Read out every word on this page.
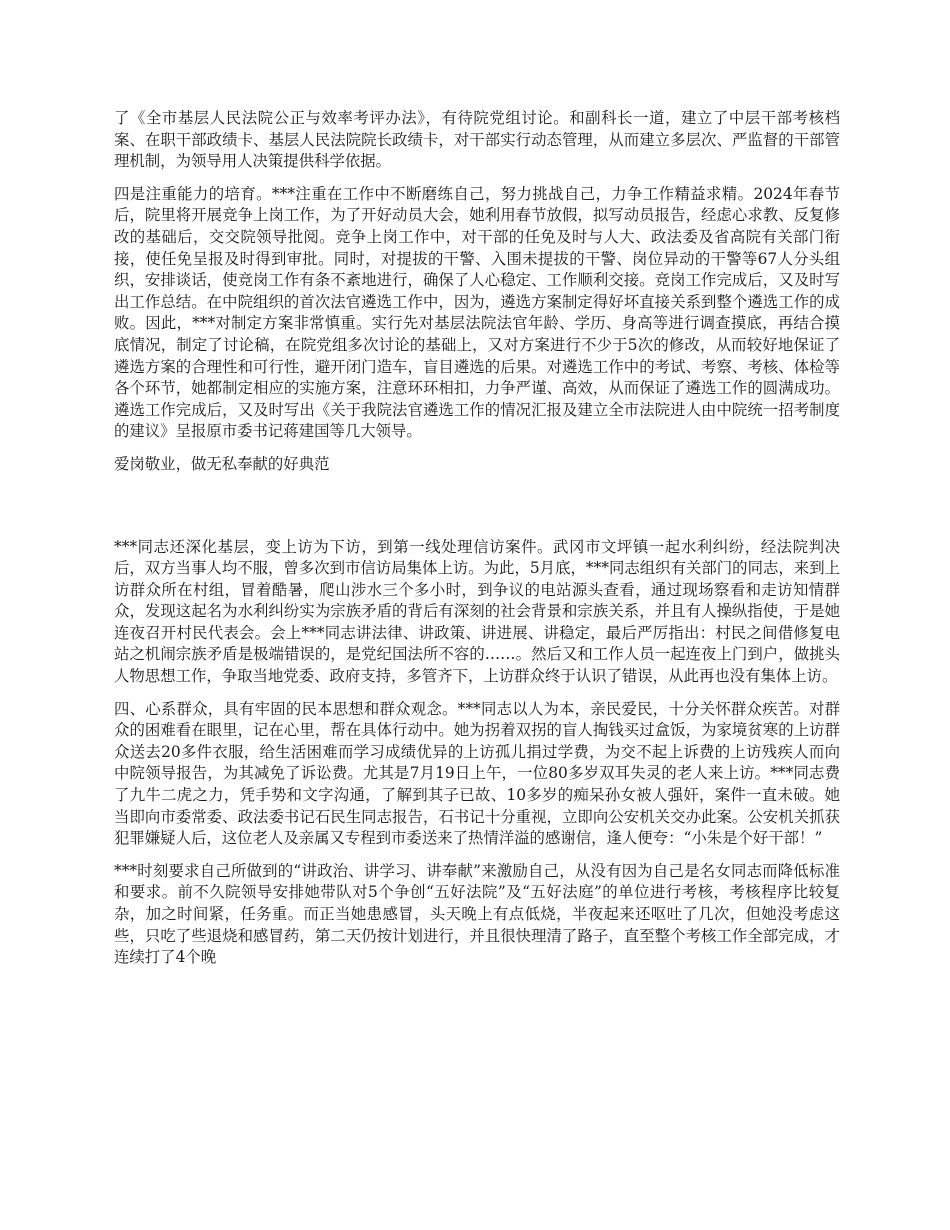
了《全市基层人民法院公正与效率考评办法》，有待院党组讨论。和副科长一道，建立了中层干部考核档案、在职干部政绩卡、基层人民法院院长政绩卡，对干部实行动态管理，从而建立多层次、严监督的干部管理机制，为领导用人决策提供科学依据。

四是注重能力的培育。***注重在工作中不断磨练自己，努力挑战自己，力争工作精益求精。2024年春节后，院里将开展竞争上岗工作，为了开好动员大会，她利用春节放假，拟写动员报告，经虑心求教、反复修改的基础后，交交院领导批阅。竞争上岗工作中，对干部的任免及时与人大、政法委及省高院有关部门衔接，使任免呈报及时得到审批。同时，对提拔的干警、入围未提拔的干警、岗位异动的干警等67人分头组织，安排谈话，使竞岗工作有条不紊地进行，确保了人心稳定、工作顺利交接。竞岗工作完成后，又及时写出工作总结。在中院组织的首次法官遴选工作中，因为，遴选方案制定得好坏直接关系到整个遴选工作的成败。因此，***对制定方案非常慎重。实行先对基层法院法官年龄、学历、身高等进行调查摸底，再结合摸底情况，制定了讨论稿，在院党组多次讨论的基础上，又对方案进行不少于5次的修改，从而较好地保证了遴选方案的合理性和可行性，避开闭门造车，盲目遴选的后果。对遴选工作中的考试、考察、考核、体检等各个环节，她都制定相应的实施方案，注意环环相扣，力争严谨、高效，从而保证了遴选工作的圆满成功。遴选工作完成后，又及时写出《关于我院法官遴选工作的情况汇报及建立全市法院进人由中院统一招考制度的建议》呈报原市委书记蒋建国等几大领导。

爱岗敬业，做无私奉献的好典范

***同志还深化基层，变上访为下访，到第一线处理信访案件。武冈市文坪镇一起水利纠纷，经法院判决后，双方当事人均不服，曾多次到市信访局集体上访。为此，5月底，***同志组织有关部门的同志，来到上访群众所在村组，冒着酷暑，爬山涉水三个多小时，到争议的电站源头查看，通过现场察看和走访知情群众，发现这起名为水利纠纷实为宗族矛盾的背后有深刻的社会背景和宗族关系，并且有人操纵指使，于是她连夜召开村民代表会。会上***同志讲法律、讲政策、讲进展、讲稳定，最后严厉指出：村民之间借修复电站之机闹宗族矛盾是极端错误的，是党纪国法所不容的……。然后又和工作人员一起连夜上门到户，做挑头人物思想工作，争取当地党委、政府支持，多管齐下，上访群众终于认识了错误，从此再也没有集体上访。

四、心系群众，具有牢固的民本思想和群众观念。***同志以人为本，亲民爱民，十分关怀群众疾苦。对群众的困难看在眼里，记在心里，帮在具体行动中。她为拐着双拐的盲人掏钱买过盒饭，为家境贫寒的上访群众送去20多件衣服，给生活困难而学习成绩优异的上访孤儿捐过学费，为交不起上诉费的上访残疾人而向中院领导报告，为其减免了诉讼费。尤其是7月19日上午，一位80多岁双耳失灵的老人来上访。***同志费了九牛二虎之力，凭手势和文字沟通，了解到其子已故、10多岁的痴呆孙女被人强奸，案件一直未破。她当即向市委常委、政法委书记石民生同志报告，石书记十分重视，立即向公安机关交办此案。公安机关抓获犯罪嫌疑人后，这位老人及亲属又专程到市委送来了热情洋溢的感谢信，逢人便夸：“小朱是个好干部！”

***时刻要求自己所做到的“讲政治、讲学习、讲奉献”来激励自己，从没有因为自己是名女同志而降低标准和要求。前不久院领导安排她带队对5个争创“五好法院”及“五好法庭”的单位进行考核，考核程序比较复杂，加之时间紧，任务重。而正当她患感冒，头天晚上有点低烧，半夜起来还呕吐了几次，但她没考虑这些，只吃了些退烧和感冒药，第二天仍按计划进行，并且很快理清了路子，直至整个考核工作全部完成，才连续打了4个晚
